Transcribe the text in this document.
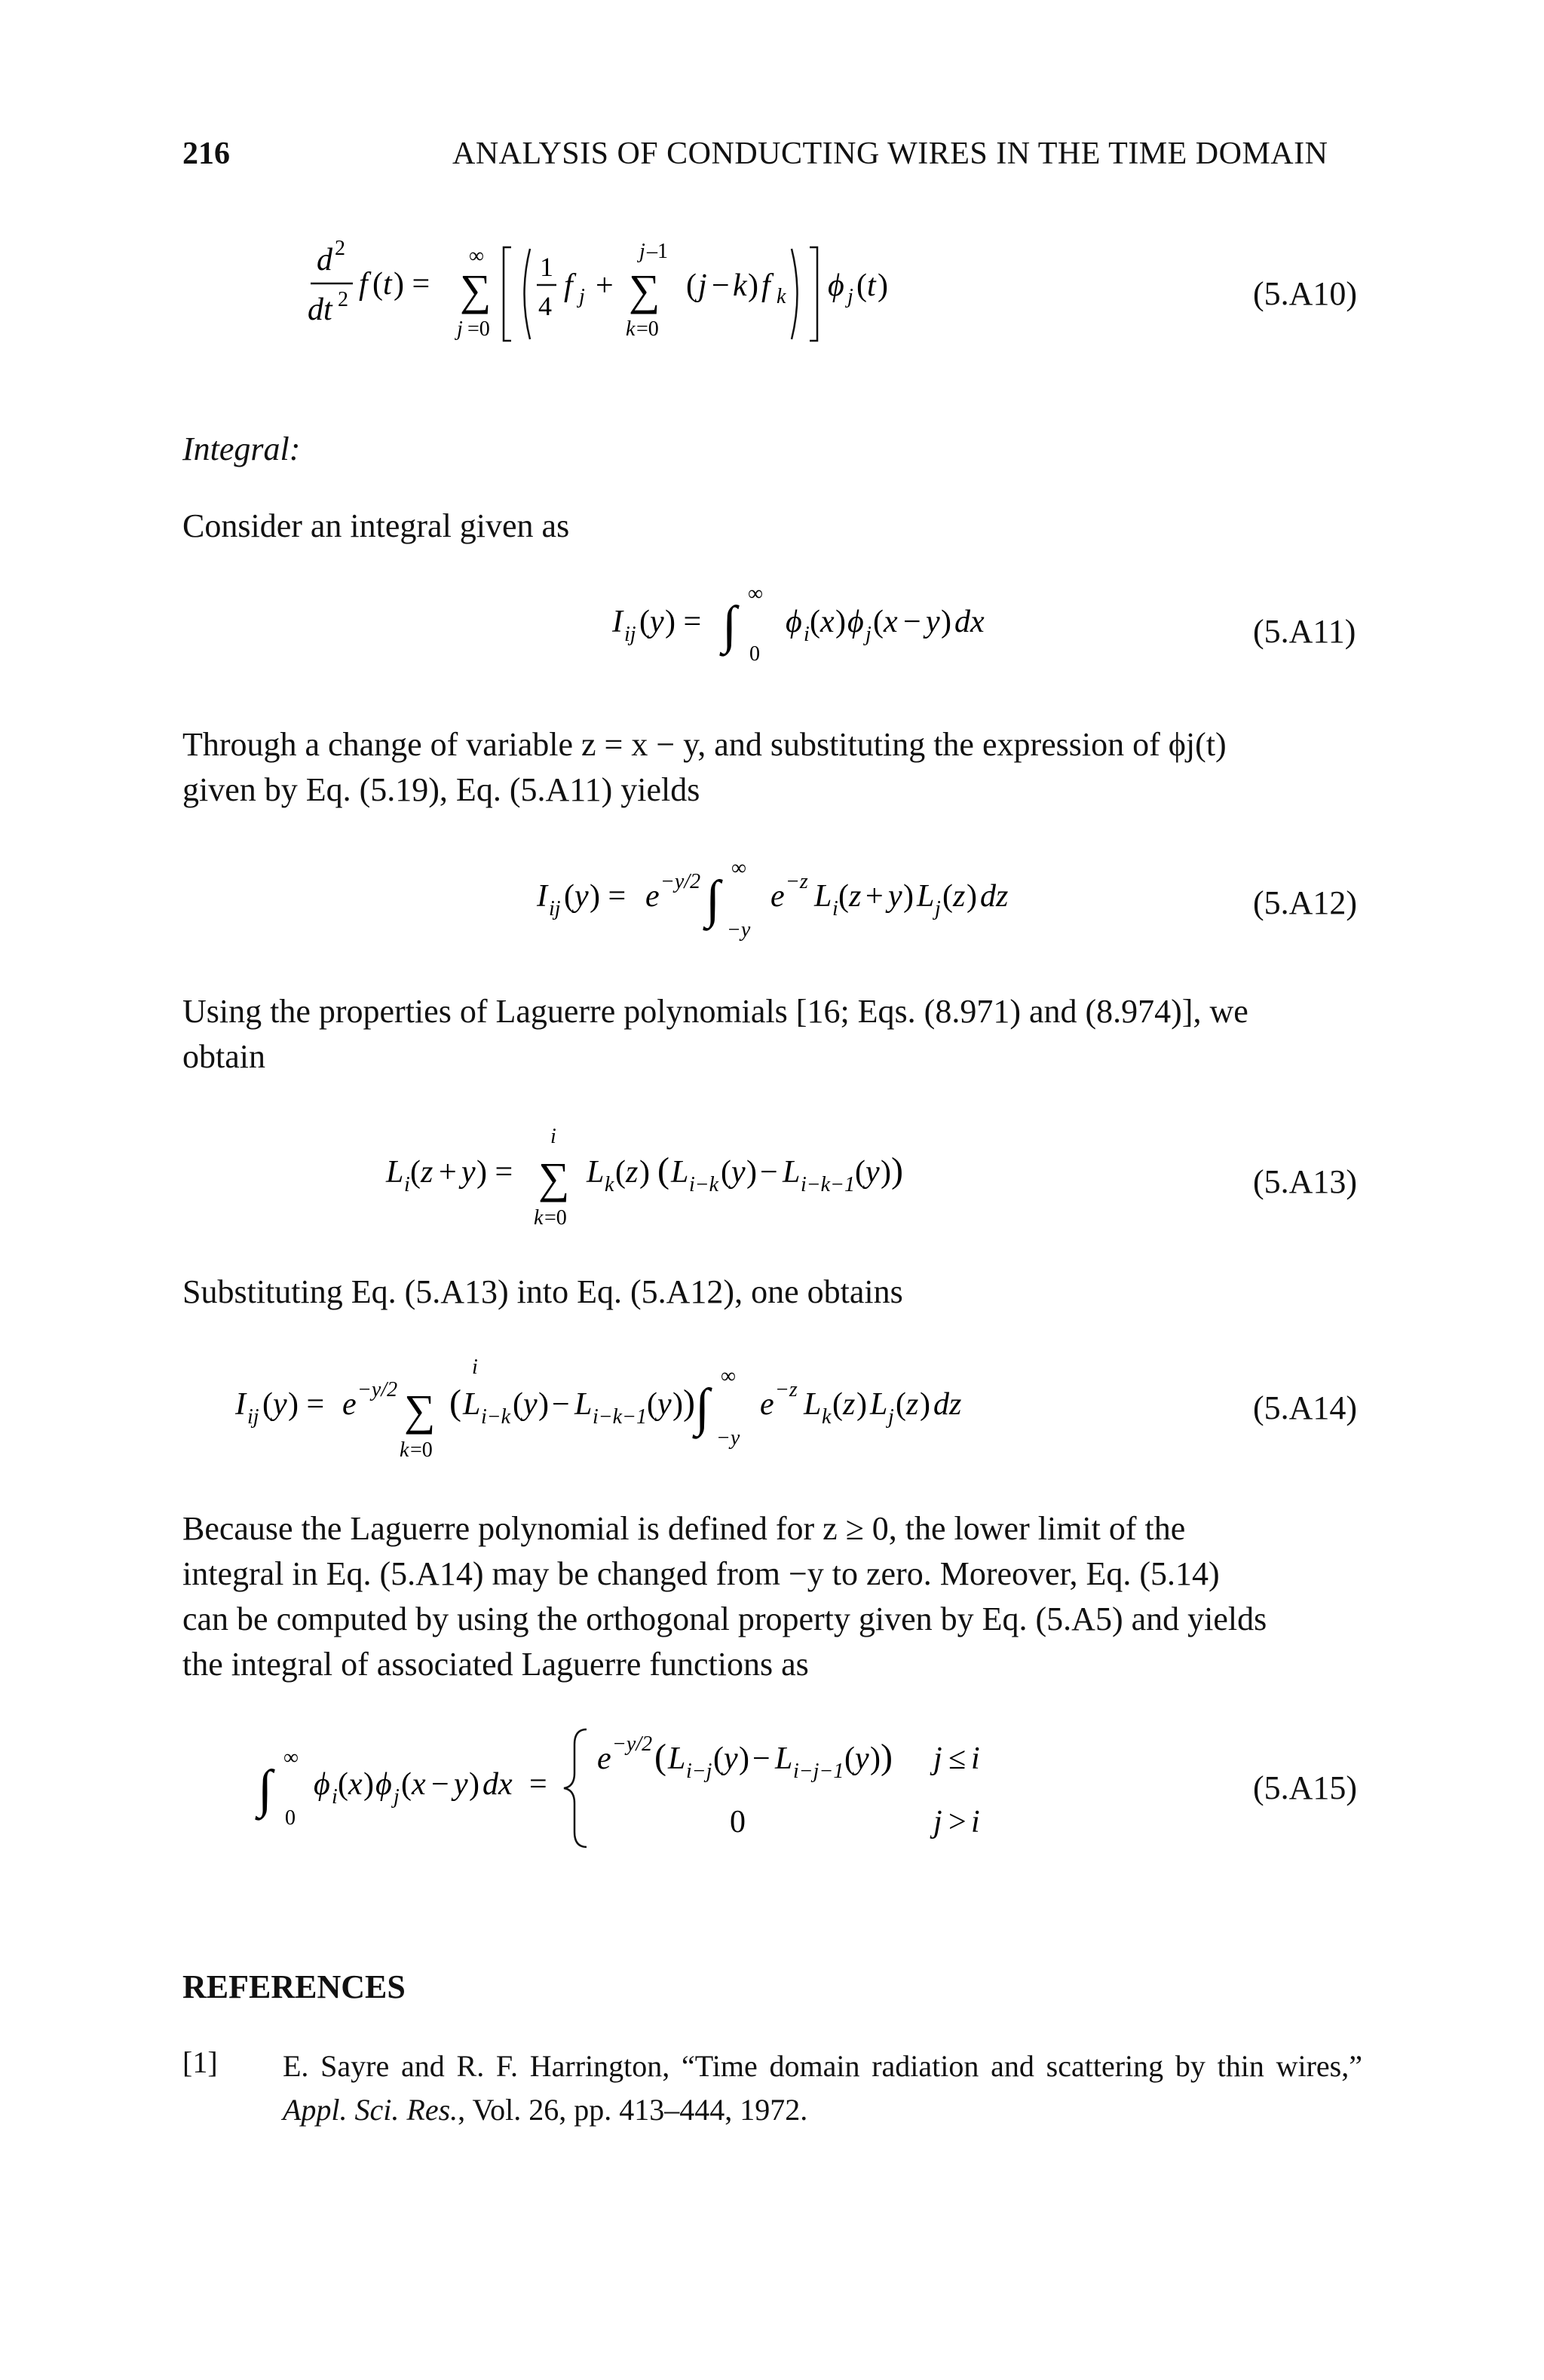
216	ANALYSIS OF CONDUCTING WIRES IN THE TIME DOMAIN
d 2
dt 2 f ( t ) =
∞
∑
j =0
1
4
f j +
j –1
∑
k =0
( j − k ) f k ϕ j ( t )	(5.A10)
Integral:
Consider an integral given as
I ij ( y ) = ∫
∞
0
ϕ i ( x ) ϕ j ( x − y ) dx	(5.A11)
Through a change of variable z = x − y, and substituting the expression of ϕj(t)
given by Eq. (5.19), Eq. (5.A11) yields
I ij ( y ) = e −y/2 ∫
∞
−y
e −z L i ( z + y ) L j ( z ) dz	(5.A12)
Using the properties of Laguerre polynomials [16; Eqs. (8.971) and (8.974)], we
obtain
L i ( z + y ) =
i
∑
k =0
L k ( z ) ( L i−k ( y ) − L i−k−1 ( y ) )	(5.A13)
Substituting Eq. (5.A13) into Eq. (5.A12), one obtains
I ij ( y ) = e −y/2
i
∑
k =0
( L i−k ( y ) − L i−k−1 ( y ) ) ∫
∞
−y
e −z L k ( z ) L j ( z ) dz	(5.A14)
Because the Laguerre polynomial is defined for z ≥ 0, the lower limit of the
integral in Eq. (5.A14) may be changed from −y to zero. Moreover, Eq. (5.14)
can be computed by using the orthogonal property given by Eq. (5.A5) and yields
the integral of associated Laguerre functions as
∫
∞
0
ϕ i ( x ) ϕ j ( x − y ) dx =
e −y/2 ( L i−j ( y ) − L i−j−1 ( y ) ) j ≤ i
0	j > i
(5.A15)
REFERENCES
[1] E. Sayre and R. F. Harrington, “Time domain radiation and scattering by thin wires,” Appl. Sci. Res., Vol. 26, pp. 413–444, 1972.
